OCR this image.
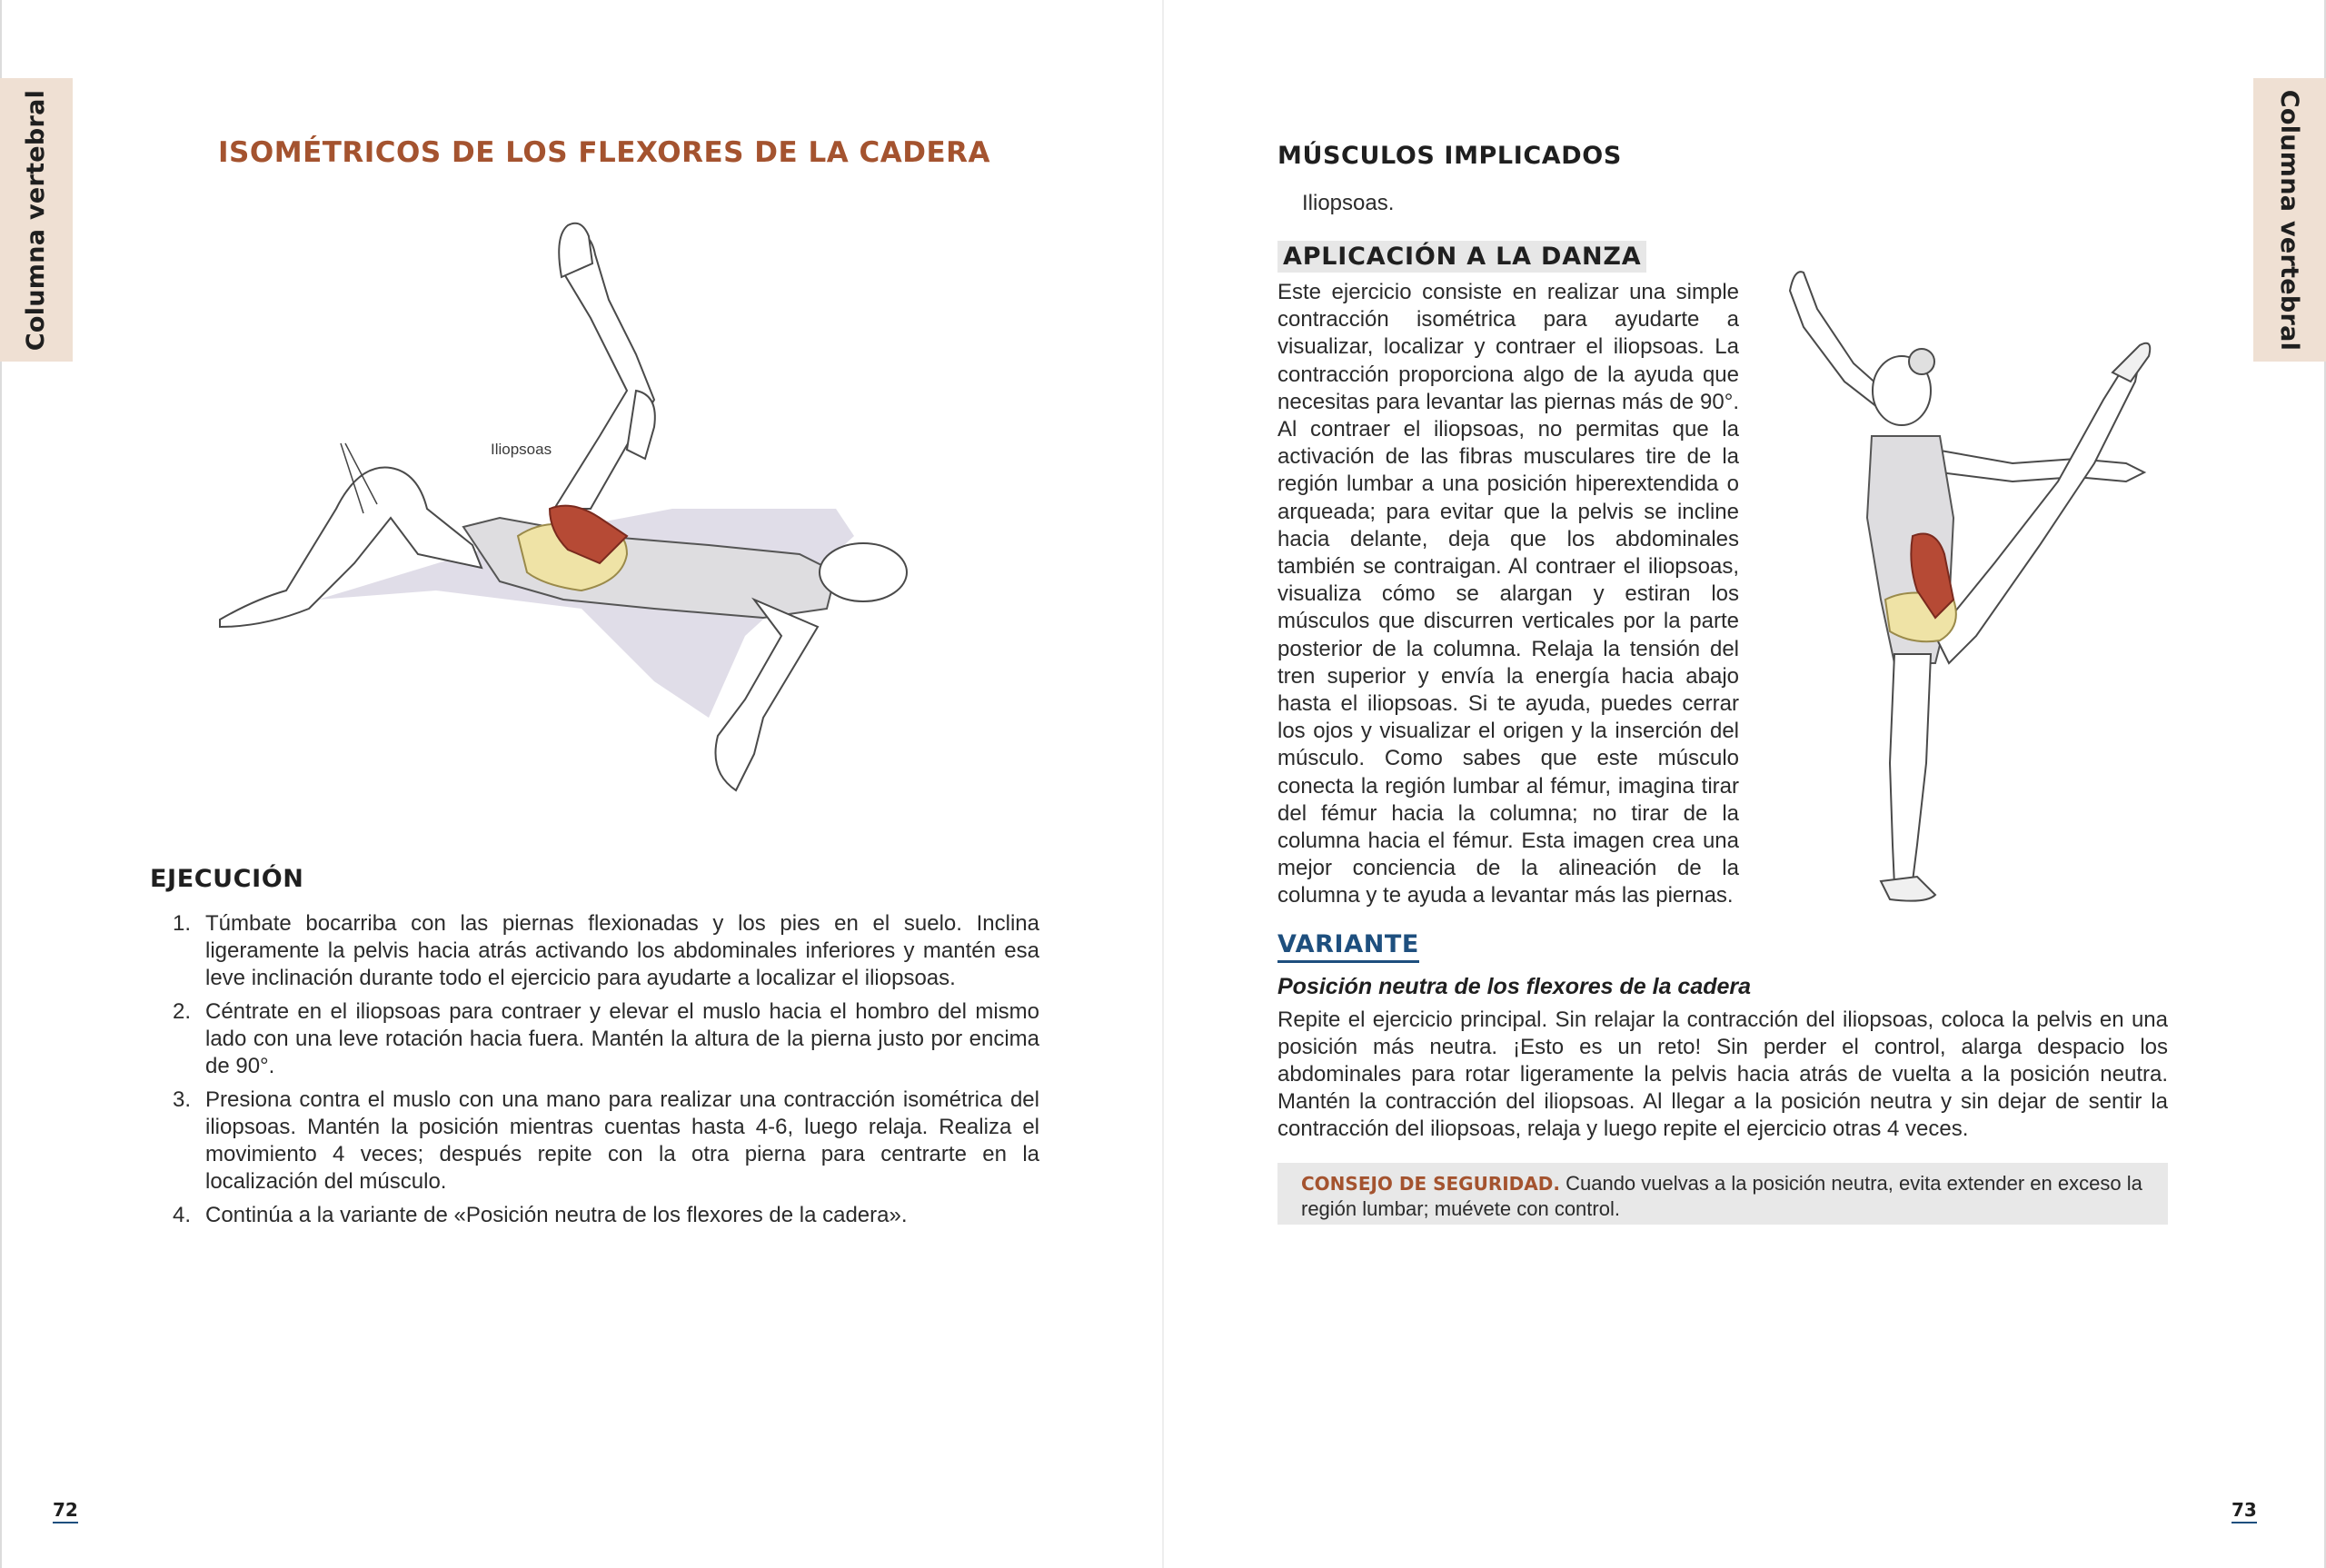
Columna vertebral	ISOMÉTRICOS DE LOS FLEXORES DE LA CADERA
Iliopsoas
EJECUCIÓN
1. Túmbate bocarriba con las piernas flexionadas y los pies en el suelo. Inclina ligeramente la pelvis hacia atrás activando los abdominales inferiores y mantén esa leve inclinación durante todo el ejercicio para ayudarte a localizar el iliopsoas.
2. Céntrate en el iliopsoas para contraer y elevar el muslo hacia el hombro del mismo lado con una leve rotación hacia fuera. Mantén la altura de la pierna justo por encima de 90°.
3. Presiona contra el muslo con una mano para realizar una contracción isométrica del iliopsoas. Mantén la posición mientras cuentas hasta 4-6, luego relaja. Realiza el movimiento 4 veces; después repite con la otra pierna para centrarte en la localización del músculo.
4. Continúa a la variante de «Posición neutra de los flexores de la cadera».
72
Columna vertebral
MÚSCULOS IMPLICADOS
Iliopsoas.
APLICACIÓN A LA DANZA

Este ejercicio consiste en realizar una simple contracción isométrica para ayudarte a visualizar, localizar y contraer el iliopsoas. La contracción proporciona algo de la ayuda que necesitas para levantar las piernas más de 90°. Al contraer el iliopsoas, no permitas que la activación de las fibras musculares tire de la región lumbar a una posición hiperextendida o arqueada; para evitar que la pelvis se incline hacia delante, deja que los abdominales también se contraigan. Al contraer el iliopsoas, visualiza cómo se alargan y estiran los músculos que discurren verticales por la parte posterior de la columna. Relaja la tensión del tren superior y envía la energía hacia abajo hasta el iliopsoas. Si te ayuda, puedes cerrar los ojos y visualizar el origen y la inserción del músculo. Como sabes que este músculo conecta la región lumbar al fémur, imagina tirar del fémur hacia la columna; no tirar de la columna hacia el fémur. Esta imagen crea una mejor conciencia de la alineación de la columna y te ayuda a levantar más las piernas.

VARIANTE
Posición neutra de los flexores de la cadera

Repite el ejercicio principal. Sin relajar la contracción del iliopsoas, coloca la pelvis en una posición más neutra. ¡Esto es un reto! Sin perder el control, alarga despacio los abdominales para rotar ligeramente la pelvis hacia atrás de vuelta a la posición neutra. Mantén la contracción del iliopsoas. Al llegar a la posición neutra y sin dejar de sentir la contracción del iliopsoas, relaja y luego repite el ejercicio otras 4 veces.

CONSEJO DE SEGURIDAD. Cuando vuelvas a la posición neutra, evita extender en exceso la región lumbar; muévete con control.
73
